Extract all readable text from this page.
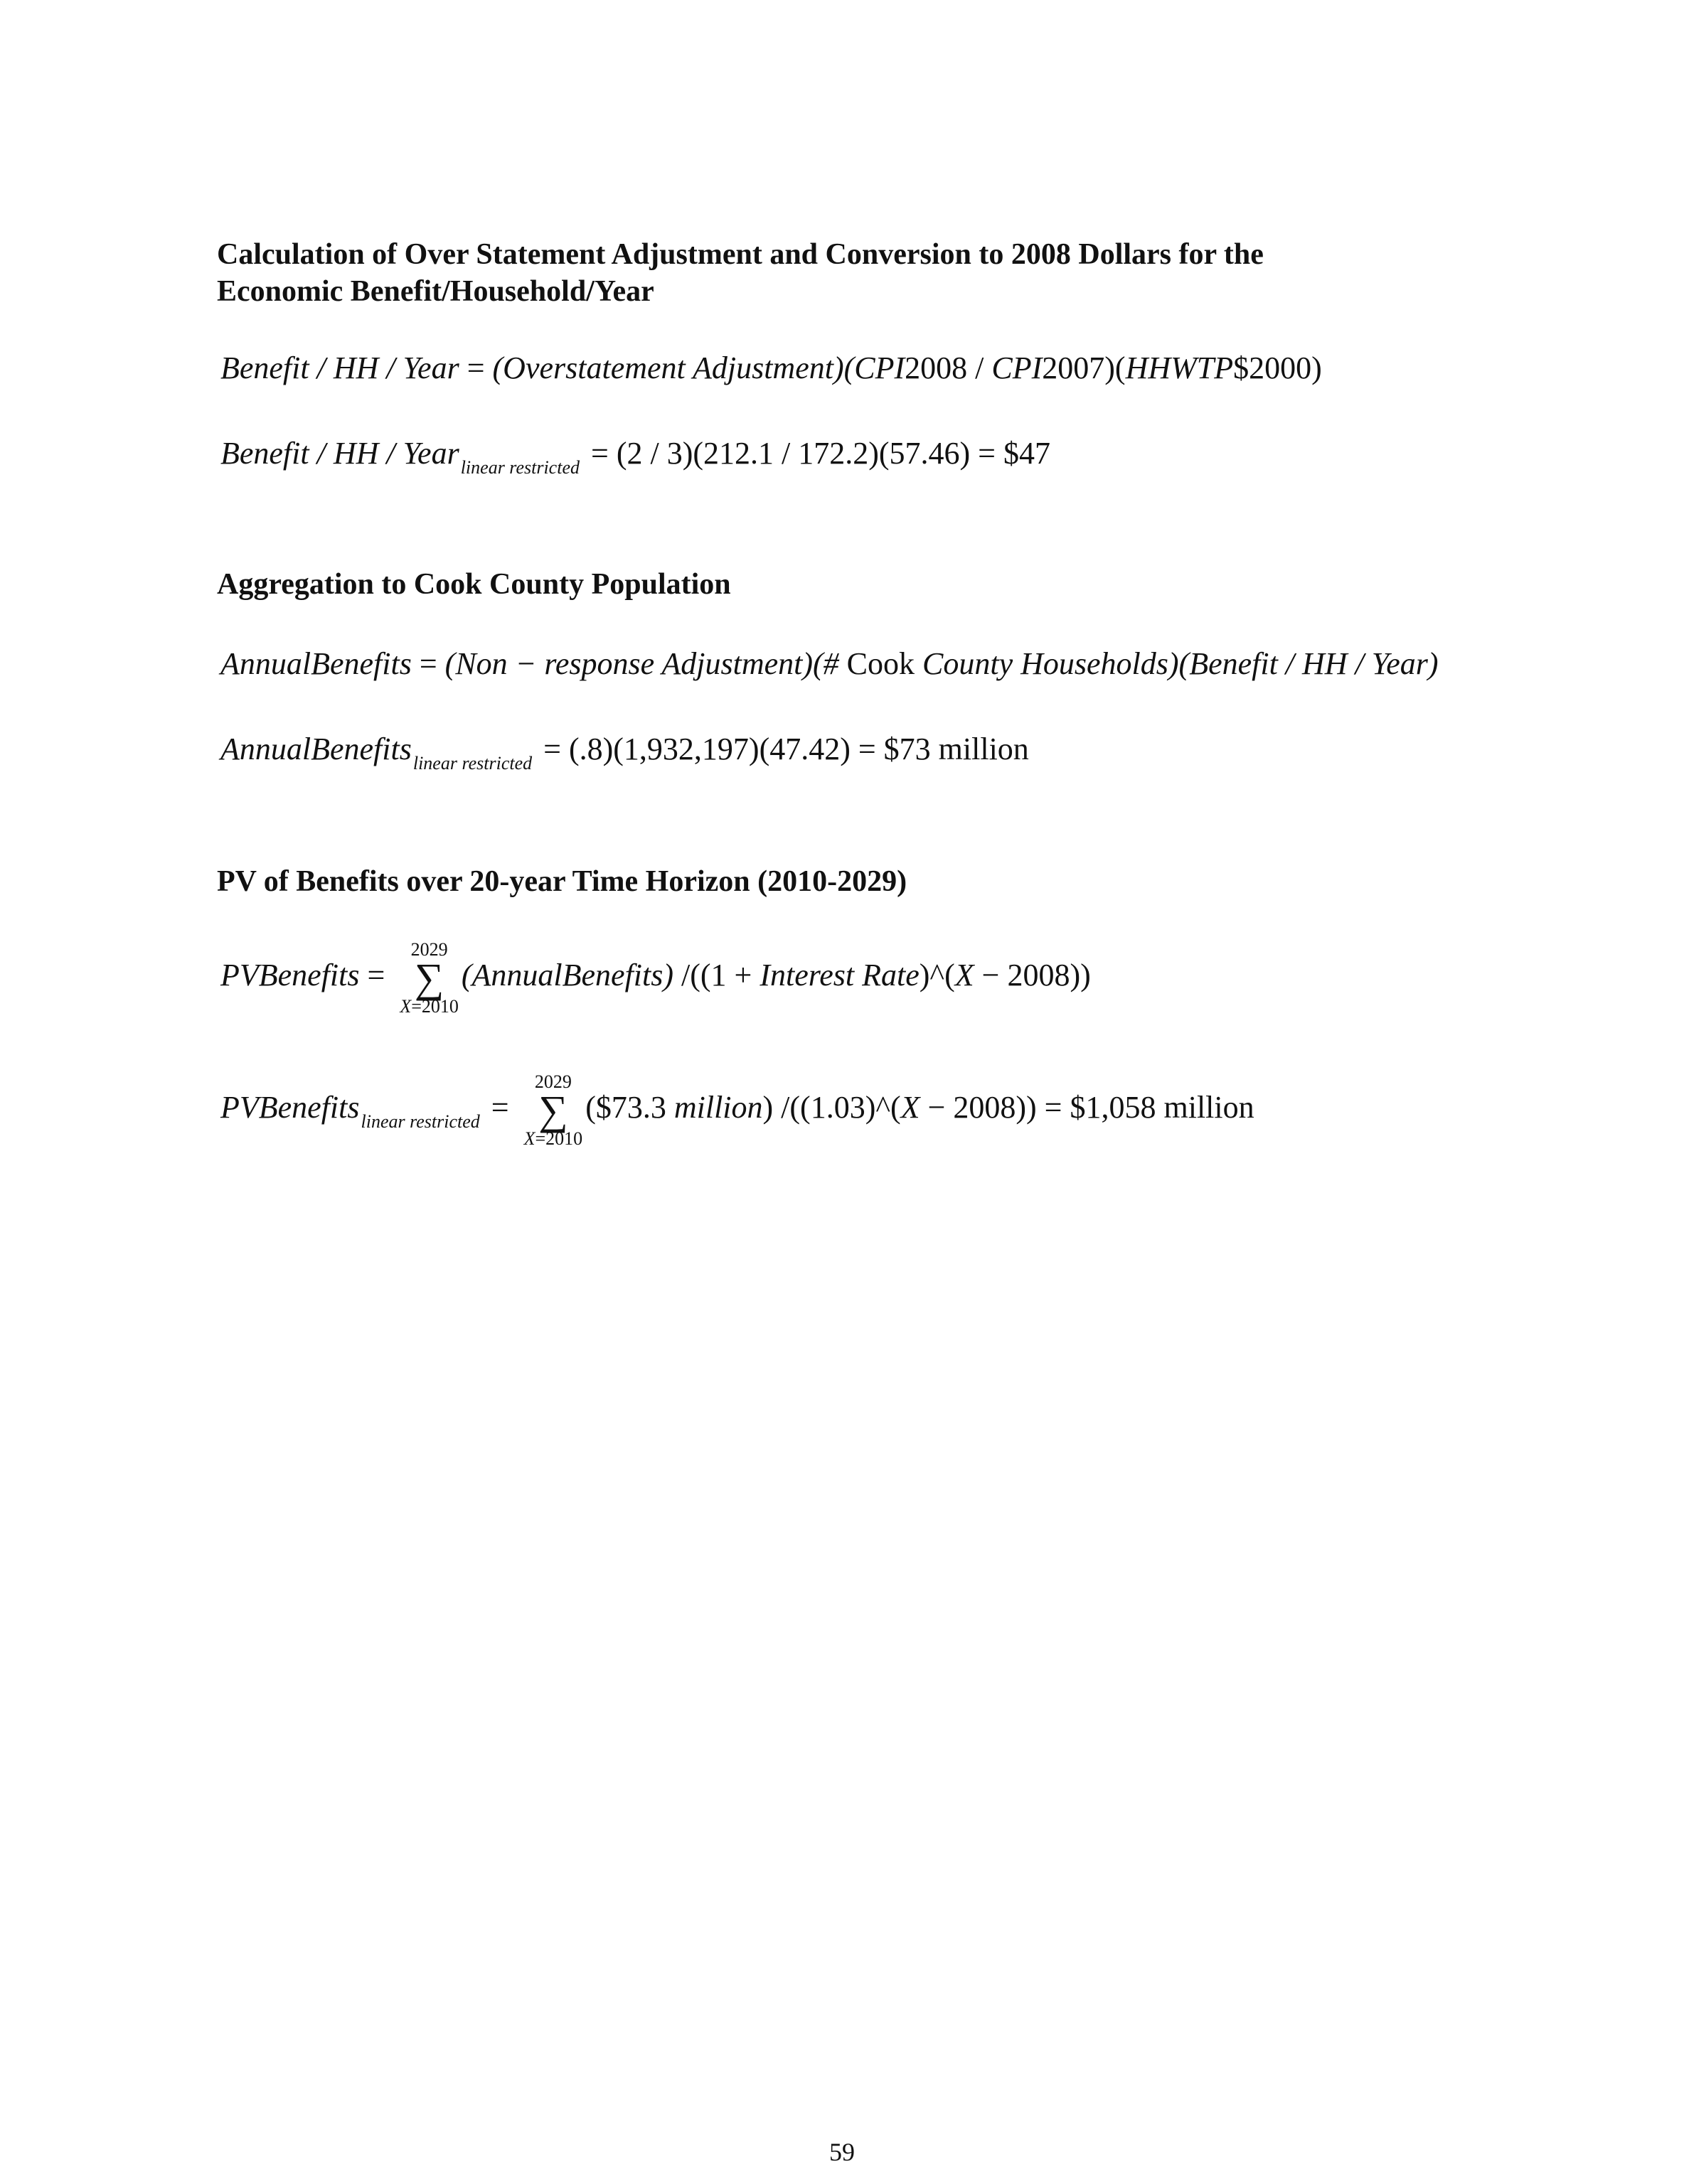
Calculation of Over Statement Adjustment and Conversion to 2008 Dollars for the
Economic Benefit/Household/Year
Benefit / HH / Year = (Overstatement Adjustment)(CPI2008 / CPI2007)(HHWTP$2000)
Benefit / HH / Year$_{linear restricted}$ = (2 / 3)(212.1 / 172.2)(57.46) = $47
Aggregation to Cook County Population
AnnualBenefits = (Non − response Adjustment)(# Cook County Households)(Benefit / HH / Year)
AnnualBenefits$_{linear restricted}$ = (.8)(1,932,197)(47.42) = $73 million
PV of Benefits over 20-year Time Horizon (2010-2029)
PVBenefits =
2029
∑
X=2010
(AnnualBenefits) /((1 + Interest Rate)^(X − 2008))
PVBenefits$_{linear restricted}$ =
2029
∑
X=2010
($73.3 million) /((1.03)^(X − 2008)) = $1,058 million
59
